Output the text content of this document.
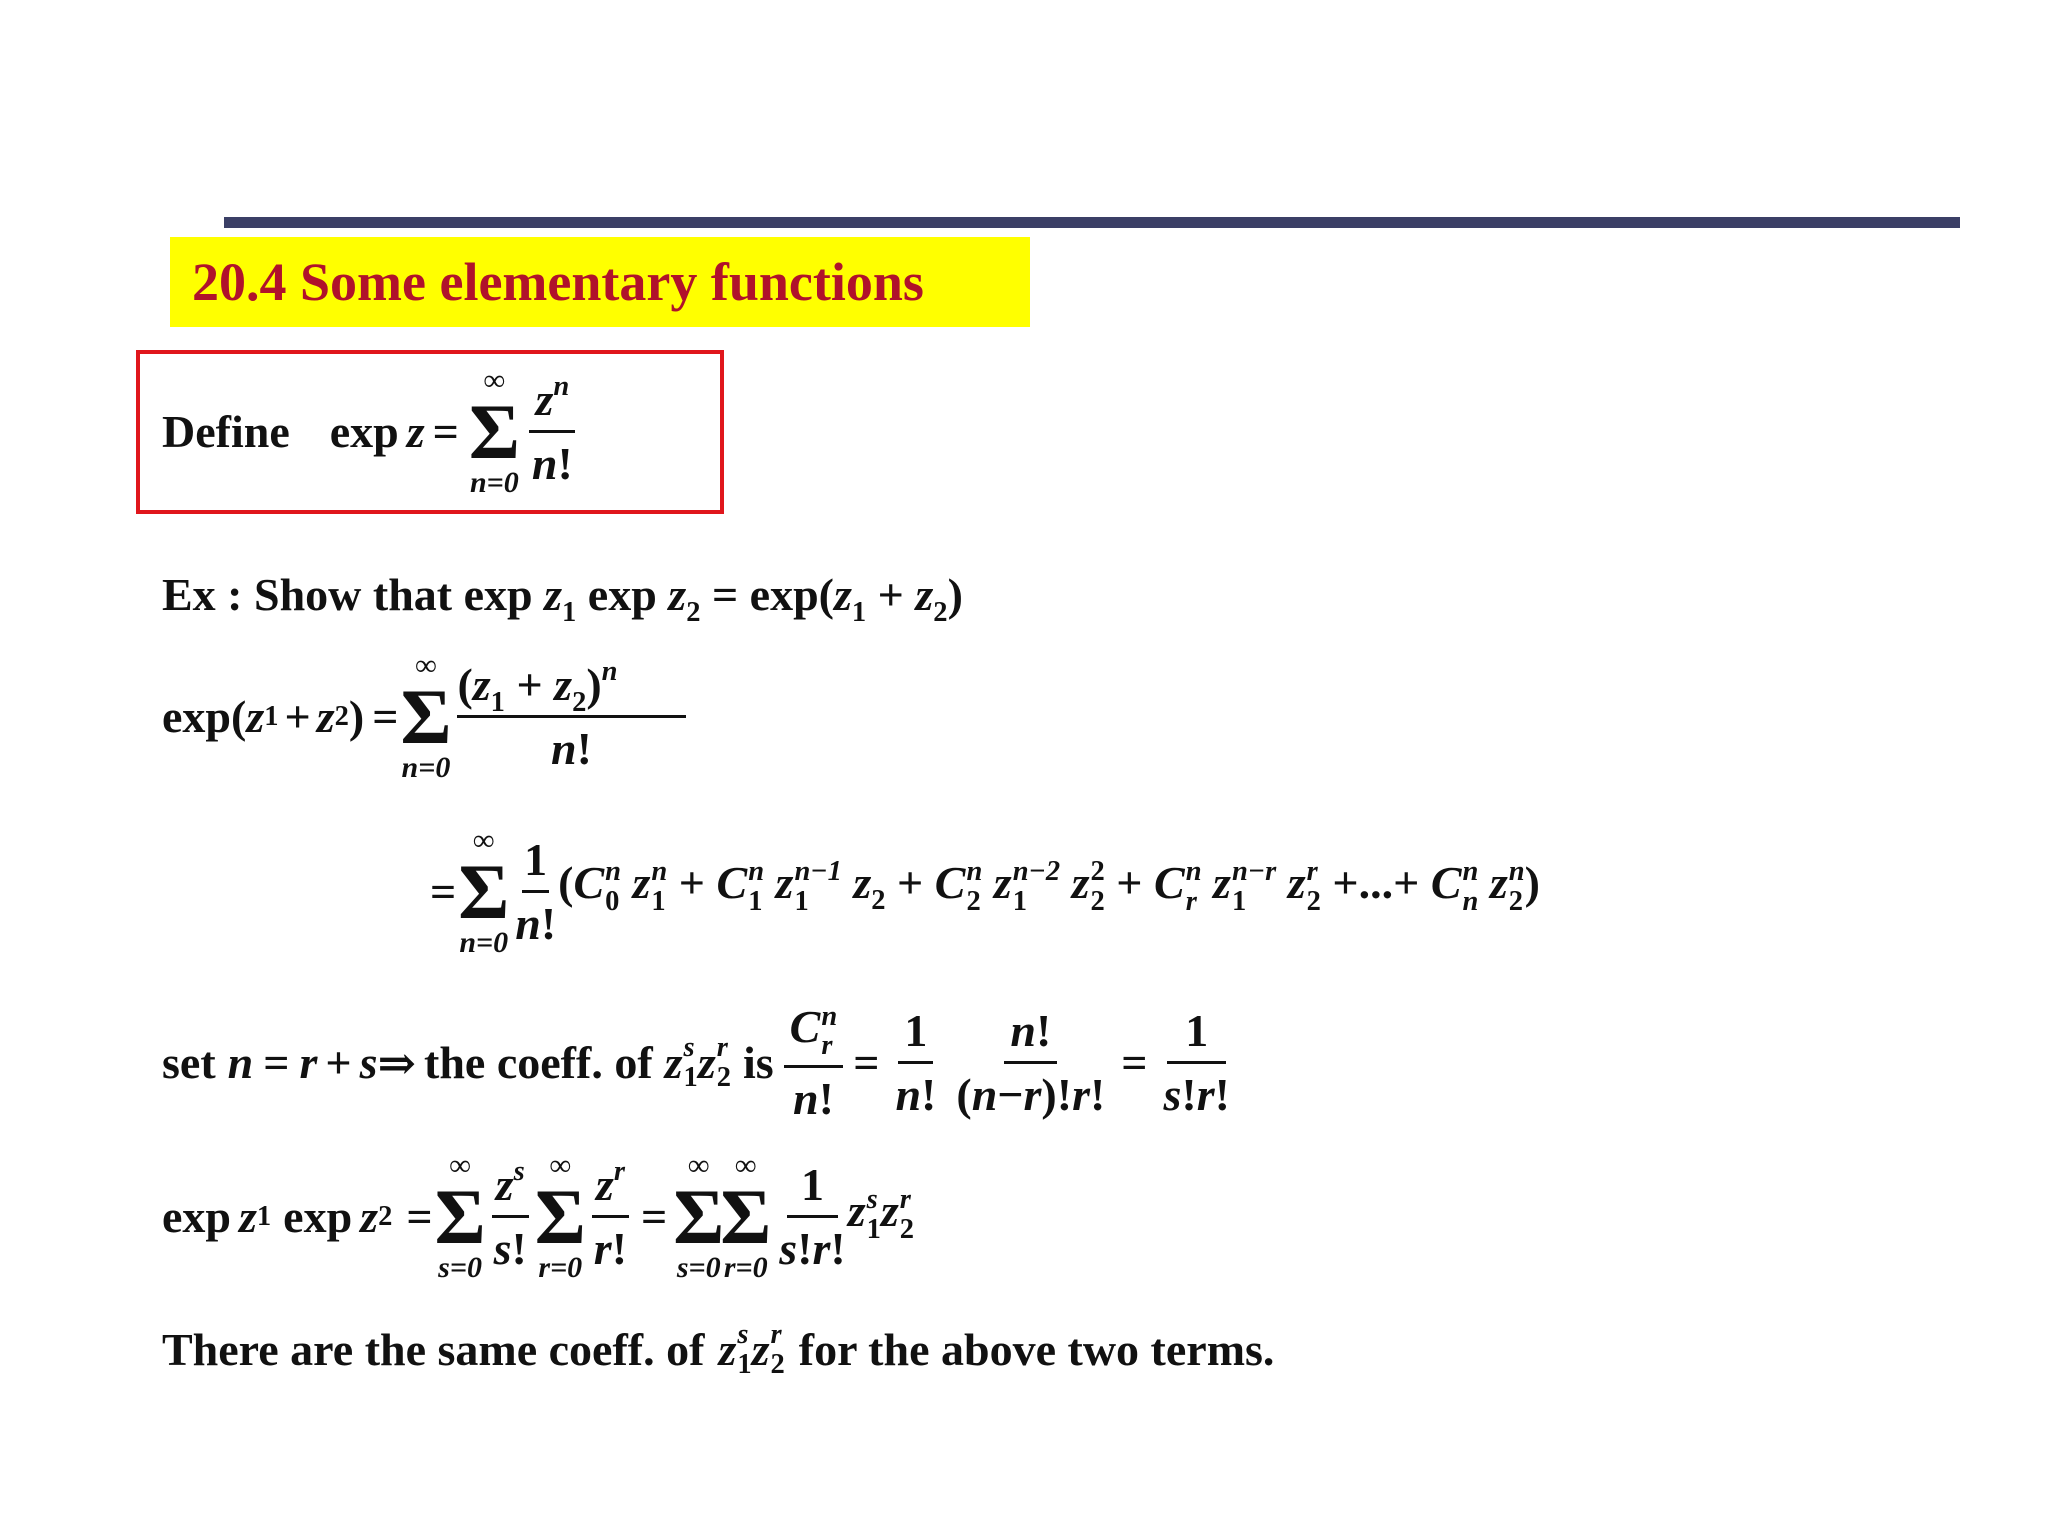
20.4 Some elementary functions
Define exp z =
∞
Σ
$n=0 \frac{z^n}{n!}$
Ex : Show that $\exp z_1$ $\exp z_2 = \exp(z_1 + z_2)$
exp ( z 1 + z 2 ) =
∞
Σ
$n=0 \frac{(z_1 + z_2)^n}{n!}$
=
∞
Σ
$n=0 \frac{1}{n!} (C$ n
0 z n
1 + C n
1 z n−1
1 $z_2 + C$ n
2 z n−2
1 z 2
2 + C n
r z n−r
1 z r
2 +...+ C n
n z n
2 )
set n = r + s ⇒ the coeff. of z s
1 z r
2 is C n
r
n! = $\frac{1}{n!} \frac{n!}{(n-r)!r!} = \frac{1}{s!r!}$
exp z 1 exp z 2 =
∞
Σ
$s=0 \frac{z^s}{s!}$ ∞
Σ
$r=0 \frac{z^r}{r!}$ =
∞
Σ
s=0
∞
Σ
$r=0 \frac{1}{s!r!}$ z s
1 z r
2
There are the same coeff. of z s
1 z r
2 for the above two terms.
